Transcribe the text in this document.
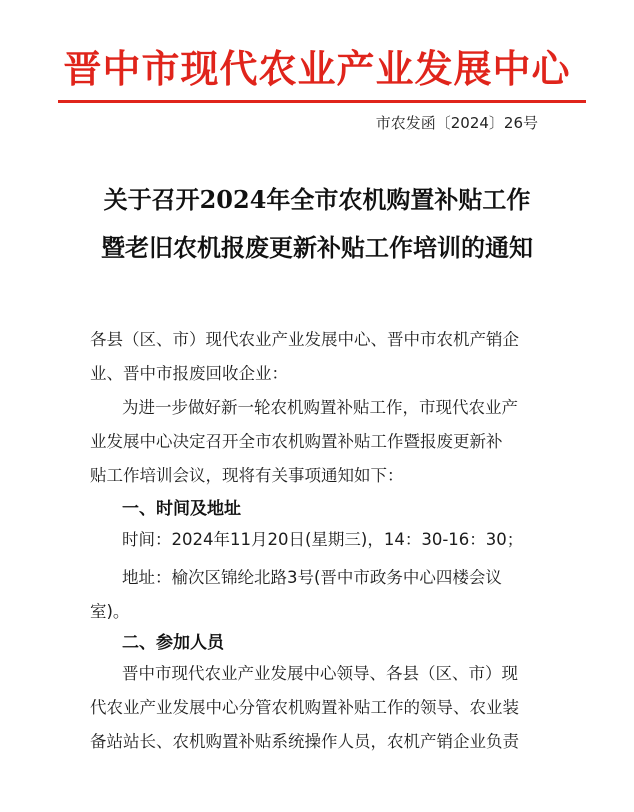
晋中市现代农业产业发展中心
市农发函〔2024〕26号
关于召开2024年全市农机购置补贴工作
暨老旧农机报废更新补贴工作培训的通知
各县（区、市）现代农业产业发展中心、晋中市农机产销企
业、晋中市报废回收企业：
为进一步做好新一轮农机购置补贴工作，市现代农业产
业发展中心决定召开全市农机购置补贴工作暨报废更新补
贴工作培训会议，现将有关事项通知如下：
一、时间及地址
时间：2024年11月20日(星期三)，14：30-16：30；
地址：榆次区锦纶北路3号(晋中市政务中心四楼会议
室)。
二、参加人员
晋中市现代农业产业发展中心领导、各县（区、市）现
代农业产业发展中心分管农机购置补贴工作的领导、农业装
备站站长、农机购置补贴系统操作人员，农机产销企业负责
